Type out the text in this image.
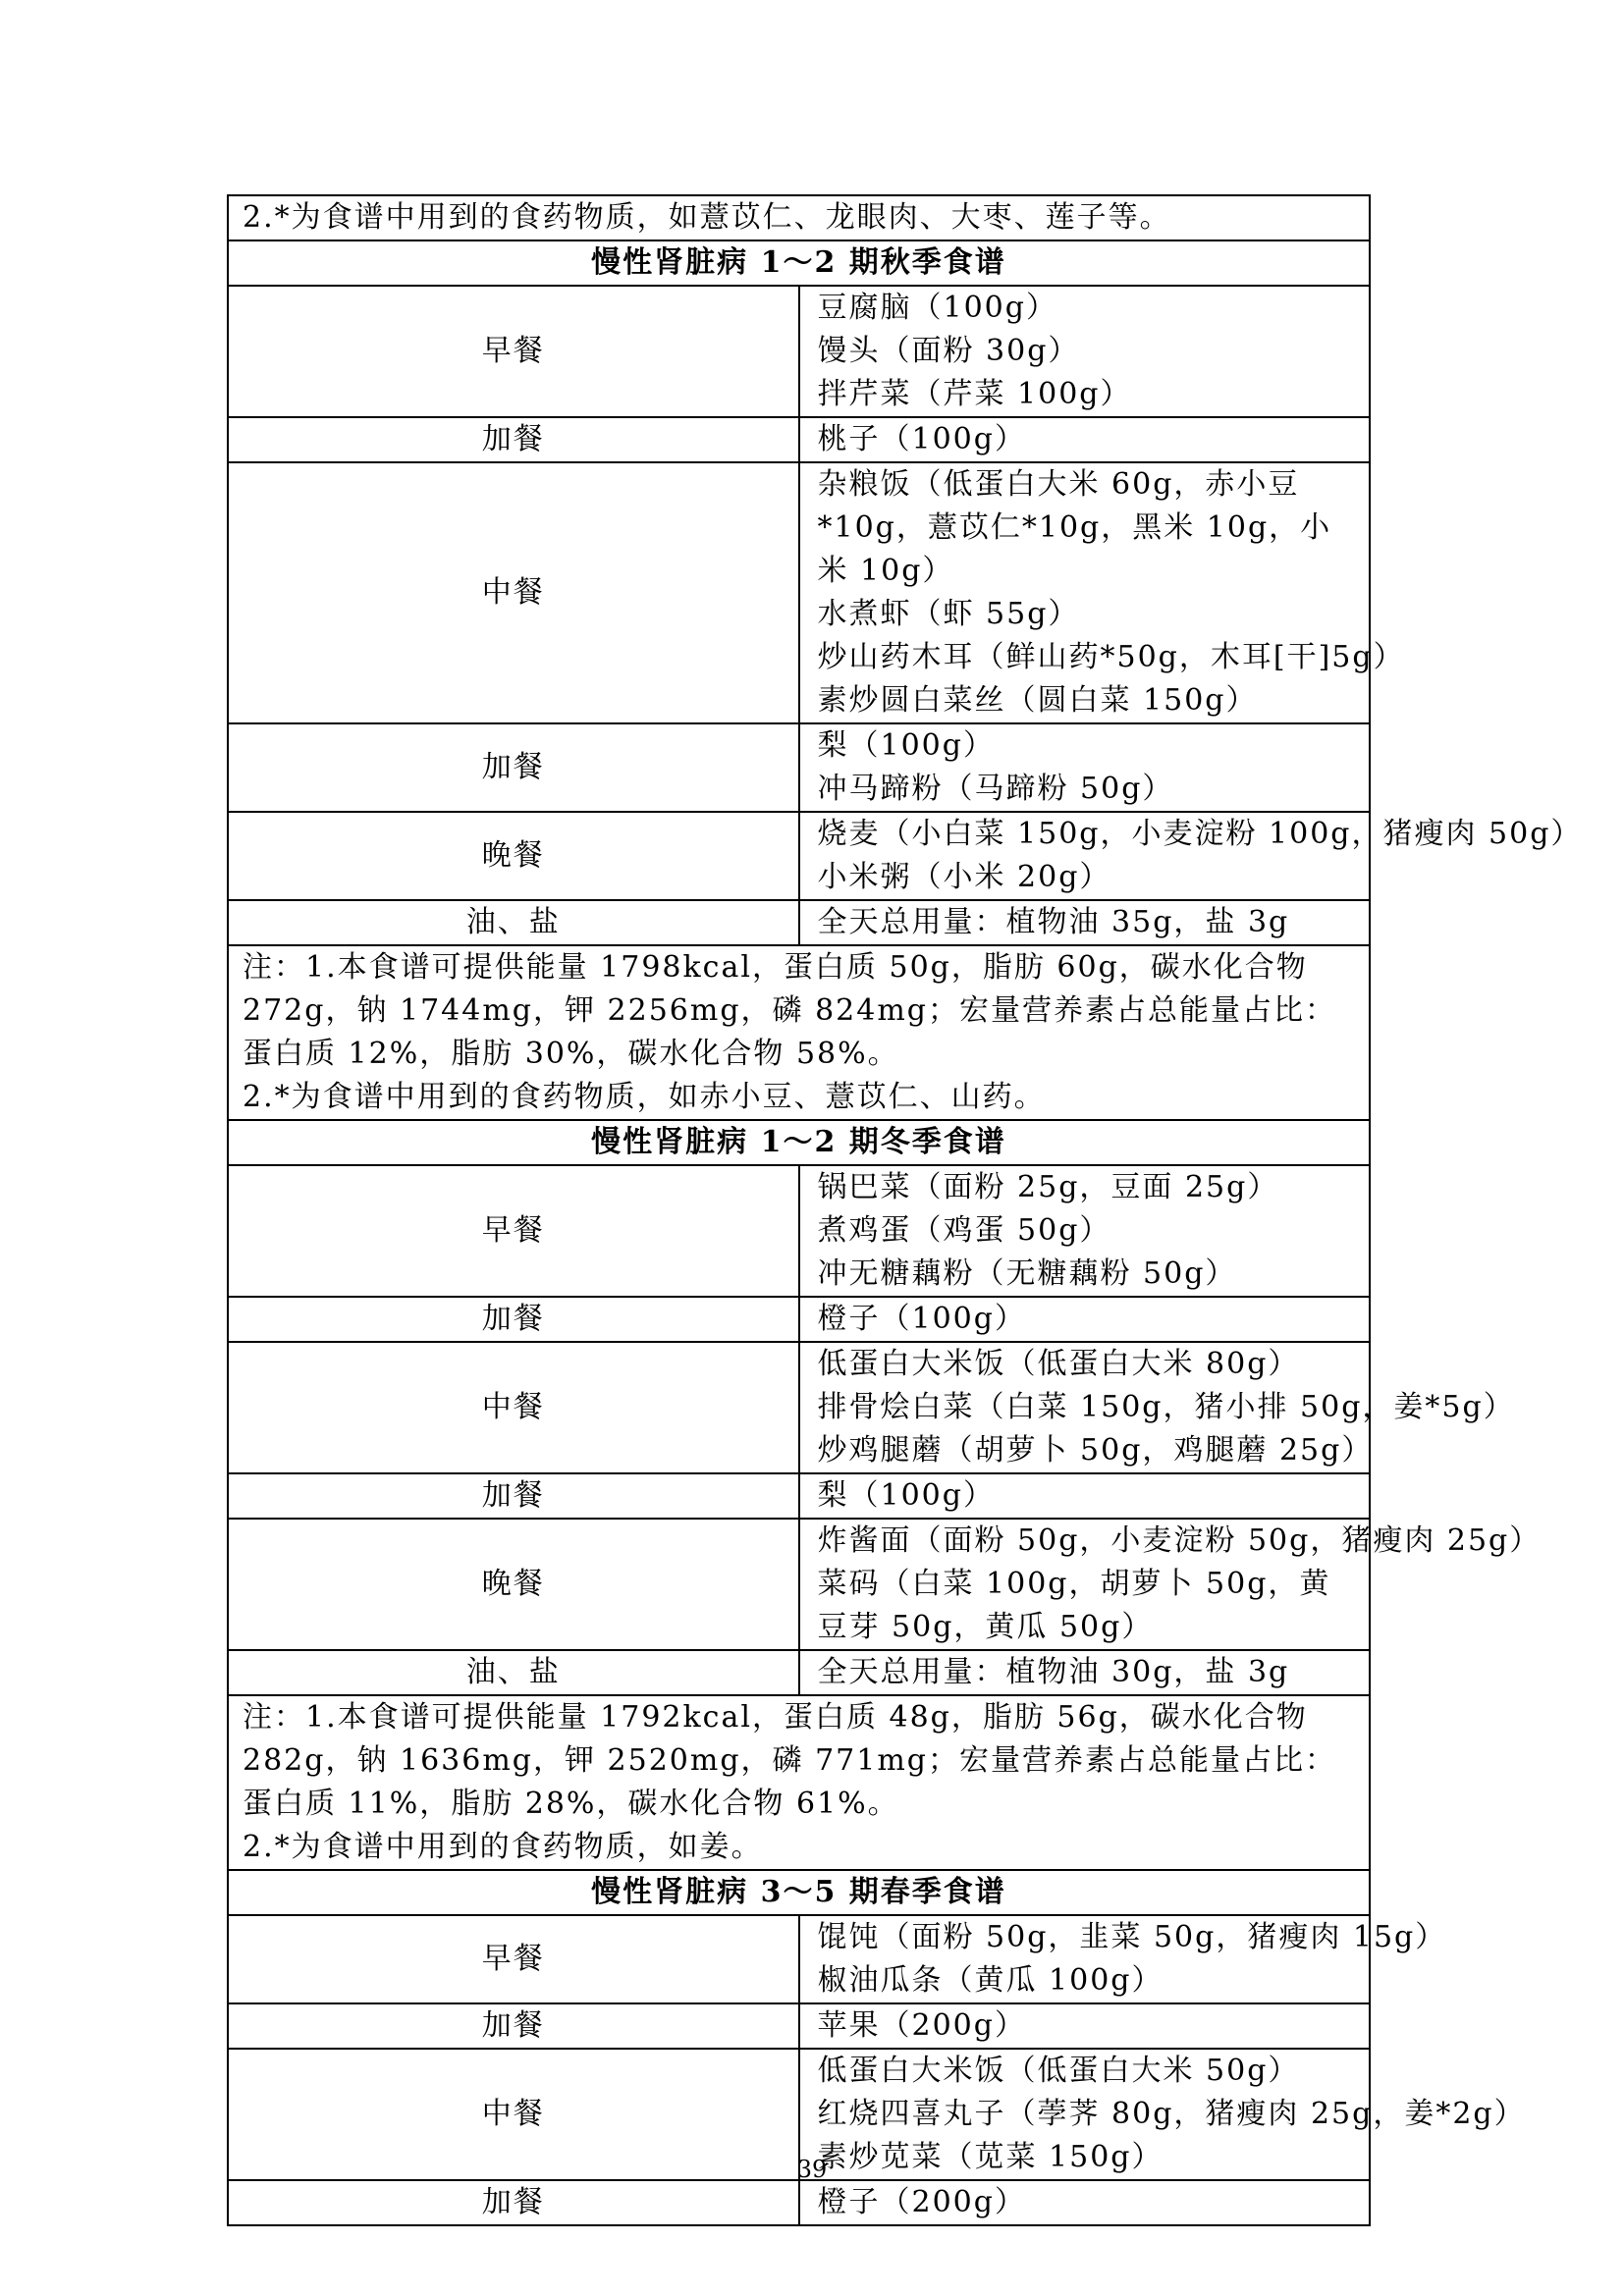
2.*为食谱中用到的食药物质，如薏苡仁、龙眼肉、大枣、莲子等。	
慢性肾脏病 1～2 期秋季食谱	
早餐	豆腐脑（100g）
馒头（面粉 30g）
拌芹菜（芹菜 100g）

加餐	桃子（100g）

中餐	杂粮饭（低蛋白大米 60g，赤小豆*10g，薏苡仁*10g，黑米 10g，小米 10g）
水煮虾（虾 55g）
炒山药木耳（鲜山药*50g，木耳[干]5g）
素炒圆白菜丝（圆白菜 150g）

加餐	梨（100g）
冲马蹄粉（马蹄粉 50g）

晚餐	烧麦（小白菜 150g，小麦淀粉 100g，猪瘦肉 50g）
小米粥（小米 20g）

油、盐	全天总用量：植物油 35g，盐 3g

注：1.本食谱可提供能量 1798kcal，蛋白质 50g，脂肪 60g，碳水化合物 272g，钠 1744mg，钾 2256mg，磷 824mg；宏量营养素占总能量占比：蛋白质 12%，脂肪 30%，碳水化合物 58%。
2.*为食谱中用到的食药物质，如赤小豆、薏苡仁、山药。	

慢性肾脏病 1～2 期冬季食谱	
早餐	锅巴菜（面粉 25g，豆面 25g）
煮鸡蛋（鸡蛋 50g）
冲无糖藕粉（无糖藕粉 50g）

加餐	橙子（100g）

中餐	低蛋白大米饭（低蛋白大米 80g）
排骨烩白菜（白菜 150g，猪小排 50g，姜*5g）
炒鸡腿蘑（胡萝卜 50g，鸡腿蘑 25g）

加餐	梨（100g）

晚餐	炸酱面（面粉 50g，小麦淀粉 50g，猪瘦肉 25g）
菜码（白菜 100g，胡萝卜 50g，黄豆芽 50g，黄瓜 50g）

油、盐	全天总用量：植物油 30g，盐 3g

注：1.本食谱可提供能量 1792kcal，蛋白质 48g，脂肪 56g，碳水化合物 282g，钠 1636mg，钾 2520mg，磷 771mg；宏量营养素占总能量占比：蛋白质 11%，脂肪 28%，碳水化合物 61%。
2.*为食谱中用到的食药物质，如姜。	

慢性肾脏病 3～5 期春季食谱	
早餐	馄饨（面粉 50g，韭菜 50g，猪瘦肉 15g）
椒油瓜条（黄瓜 100g）

加餐	苹果（200g）

中餐	低蛋白大米饭（低蛋白大米 50g）
红烧四喜丸子（荸荠 80g，猪瘦肉 25g，姜*2g）
素炒苋菜（苋菜 150g）

加餐	橙子（200g）
39
